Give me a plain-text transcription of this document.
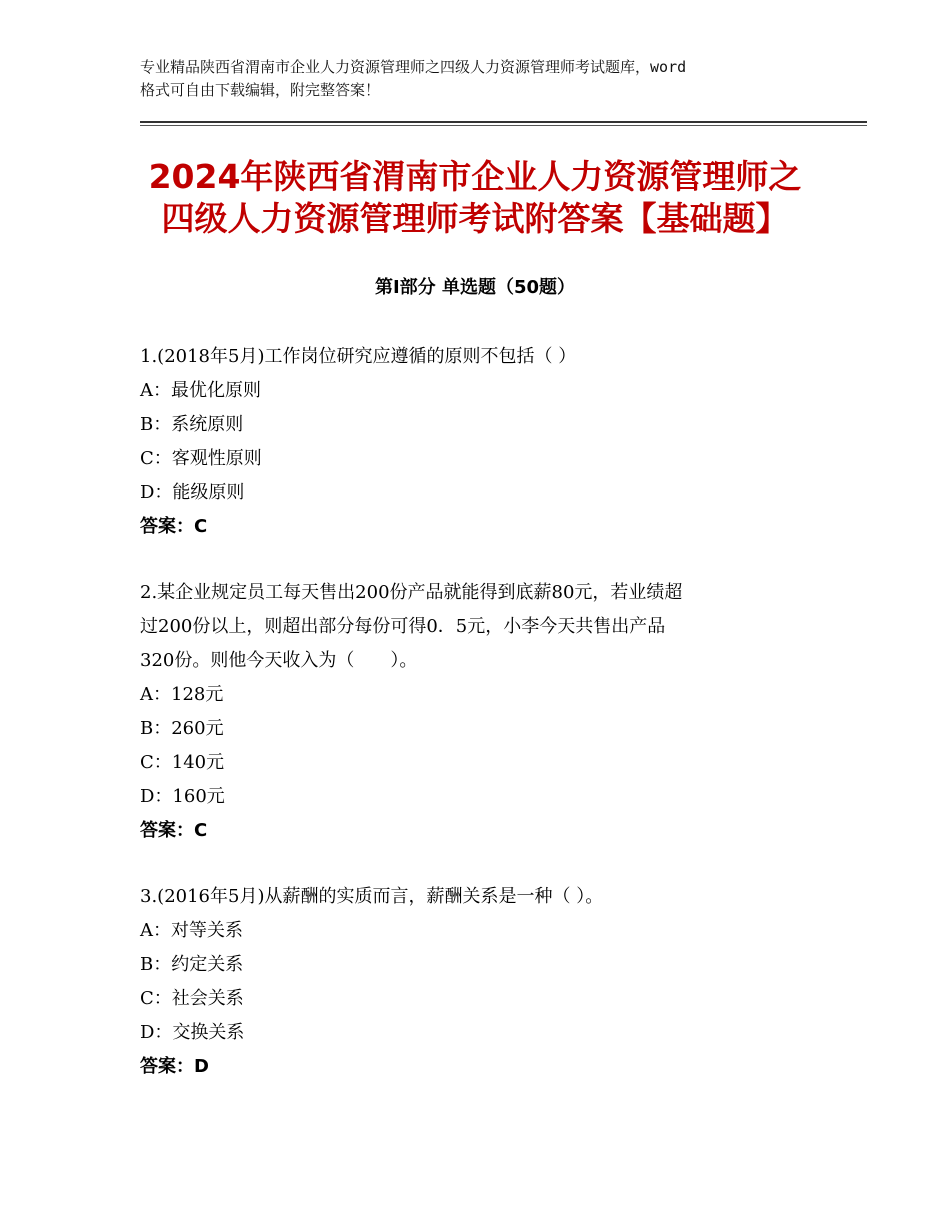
专业精品陕西省渭南市企业人力资源管理师之四级人力资源管理师考试题库，word
格式可自由下载编辑，附完整答案！
2024年陕西省渭南市企业人力资源管理师之
四级人力资源管理师考试附答案【基础题】
第Ⅰ部分 单选题（50题）
1.(2018年5月)工作岗位研究应遵循的原则不包括（ ）
A：最优化原则
B：系统原则
C：客观性原则
D：能级原则
答案：C
2.某企业规定员工每天售出200份产品就能得到底薪80元，若业绩超
过200份以上，则超出部分每份可得0．5元，小李今天共售出产品
320份。则他今天收入为（　　）。
A：128元
B：260元
C：140元
D：160元
答案：C
3.(2016年5月)从薪酬的实质而言，薪酬关系是一种（ ）。
A：对等关系
B：约定关系
C：社会关系
D：交换关系
答案：D
